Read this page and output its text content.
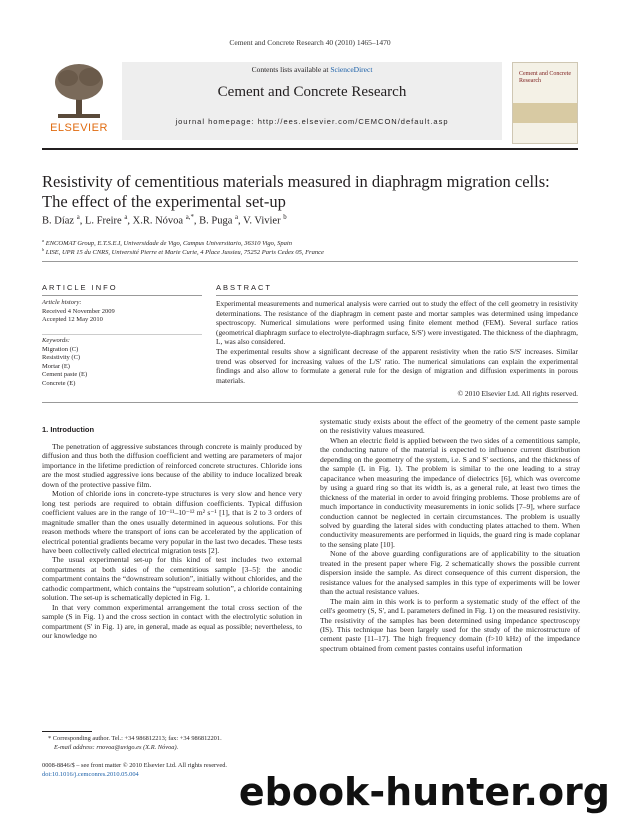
Cement and Concrete Research 40 (2010) 1465–1470
ELSEVIER
Contents lists available at ScienceDirect
Cement and Concrete Research
journal homepage: http://ees.elsevier.com/CEMCON/default.asp
Cement and Concrete Research
Resistivity of cementitious materials measured in diaphragm migration cells:
The effect of the experimental set-up
B. Díaz $^a$, L. Freire $^a$, X.R. Nóvoa $^{a,*}$, B. Puga $^a$, V. Vivier $^b$
$^a$ ENCOMAT Group, E.T.S.E.I, Universidade de Vigo, Campus Universitario, 36310 Vigo, Spain
$^b$ LISE, UPR 15 du CNRS, Université Pierre et Marie Curie, 4 Place Jussieu, 75252 Paris Cedex 05, France
ARTICLE INFO	ABSTRACT
Article history:
Received 4 November 2009
Accepted 12 May 2010
Keywords:
Migration (C)
Resistivity (C)
Mortar (E)
Cement paste (E)
Concrete (E)

Experimental measurements and numerical analysis were carried out to study the effect of the cell geometry in resistivity determinations. The resistance of the diaphragm in cement paste and mortar samples was determined using impedance spectroscopy. Numerical simulations were performed using finite element method (FEM). Several surface ratios (geometrical diaphragm surface to electrolyte-diaphragm surface, S/S') were investigated. The thickness of the diaphragm, L, was also considered.

The experimental results show a significant decrease of the apparent resistivity when the ratio S/S' increases. Similar trend was observed for increasing values of the L/S' ratio. The numerical simulations can explain the experimental findings and also allow to formulate a general rule for the design of migration and diffusion experiments in porous materials.

© 2010 Elsevier Ltd. All rights reserved.
1. Introduction

The penetration of aggressive substances through concrete is mainly produced by diffusion and thus both the diffusion coefficient and wetting are parameters of major importance in the lifetime prediction of reinforced concrete structures. Chloride ions are the most studied aggressive ions because of the ability to induce localized break down of the protective passive film.

Motion of chloride ions in concrete-type structures is very slow and hence very long test periods are required to obtain diffusion coefficients. Typical diffusion coefficient values are in the range of 10⁻¹¹–10⁻¹² m² s⁻¹ [1], that is 2 to 3 orders of magnitude smaller than the ones usually determined in aqueous solutions. For this reason methods where the transport of ions can be accelerated by the application of electrical potential gradients became very popular in the last two decades. These tests have been collectively called electrical migration tests [2].

The usual experimental set-up for this kind of test includes two external compartments at both sides of the cementitious sample [3–5]: the anodic compartment contains the “downstream solution”, initially without chlorides, and the cathodic compartment, which contains the “upstream solution”, a chloride containing solution. The set-up is schematically depicted in Fig. 1.

In that very common experimental arrangement the total cross section of the sample (S in Fig. 1) and the cross section in contact with the electrolytic solution in compartment (S' in Fig. 1) are, in general, made as equal as possible; nevertheless, to our knowledge no

systematic study exists about the effect of the geometry of the cement paste sample on the resistivity values measured.

When an electric field is applied between the two sides of a cementitious sample, the conducting nature of the material is expected to influence current distribution depending on the geometry of the system, i.e. S and S' sections, and the thickness of the sample (L in Fig. 1). The problem is similar to the one leading to a stray capacitance when measuring the impedance of dielectrics [6], which was overcome by using a guard ring so that its width is, as a general rule, at least two times the thickness of the material in order to avoid fringing problems. Those problems are of much importance in conductivity measurements in ionic solids [7–9], where surface conduction cannot be neglected in certain circumstances. The problem is usually solved by guarding the lateral sides with conducting plates attached to them. When conductivity measurements are performed in liquids, the guard ring is made coplanar to the sensing plate [10].

None of the above guarding configurations are of applicability to the situation treated in the present paper where Fig. 2 schematically shows the possible current dispersion inside the sample. As direct consequence of this current dispersion, the resistance values for the analysed samples in this type of experiments will be lower than the actual resistance values.

The main aim in this work is to perform a systematic study of the effect of the cell's geometry (S, S', and L parameters defined in Fig. 1) on the measured resistivity. The resistivity of the samples has been determined using impedance spectroscopy (IS). This technique has been largely used for the study of the microstructure of cement paste [11–17]. The high frequency domain (f>10 kHz) of the impedance spectrum obtained from cement pastes contains useful information

* Corresponding author. Tel.: +34 986812213; fax: +34 986812201.
E-mail address: rnovoa@uvigo.es (X.R. Nóvoa).
0008-8846/$ – see front matter © 2010 Elsevier Ltd. All rights reserved.
doi:10.1016/j.cemconres.2010.05.004	ebook-hunter.org
